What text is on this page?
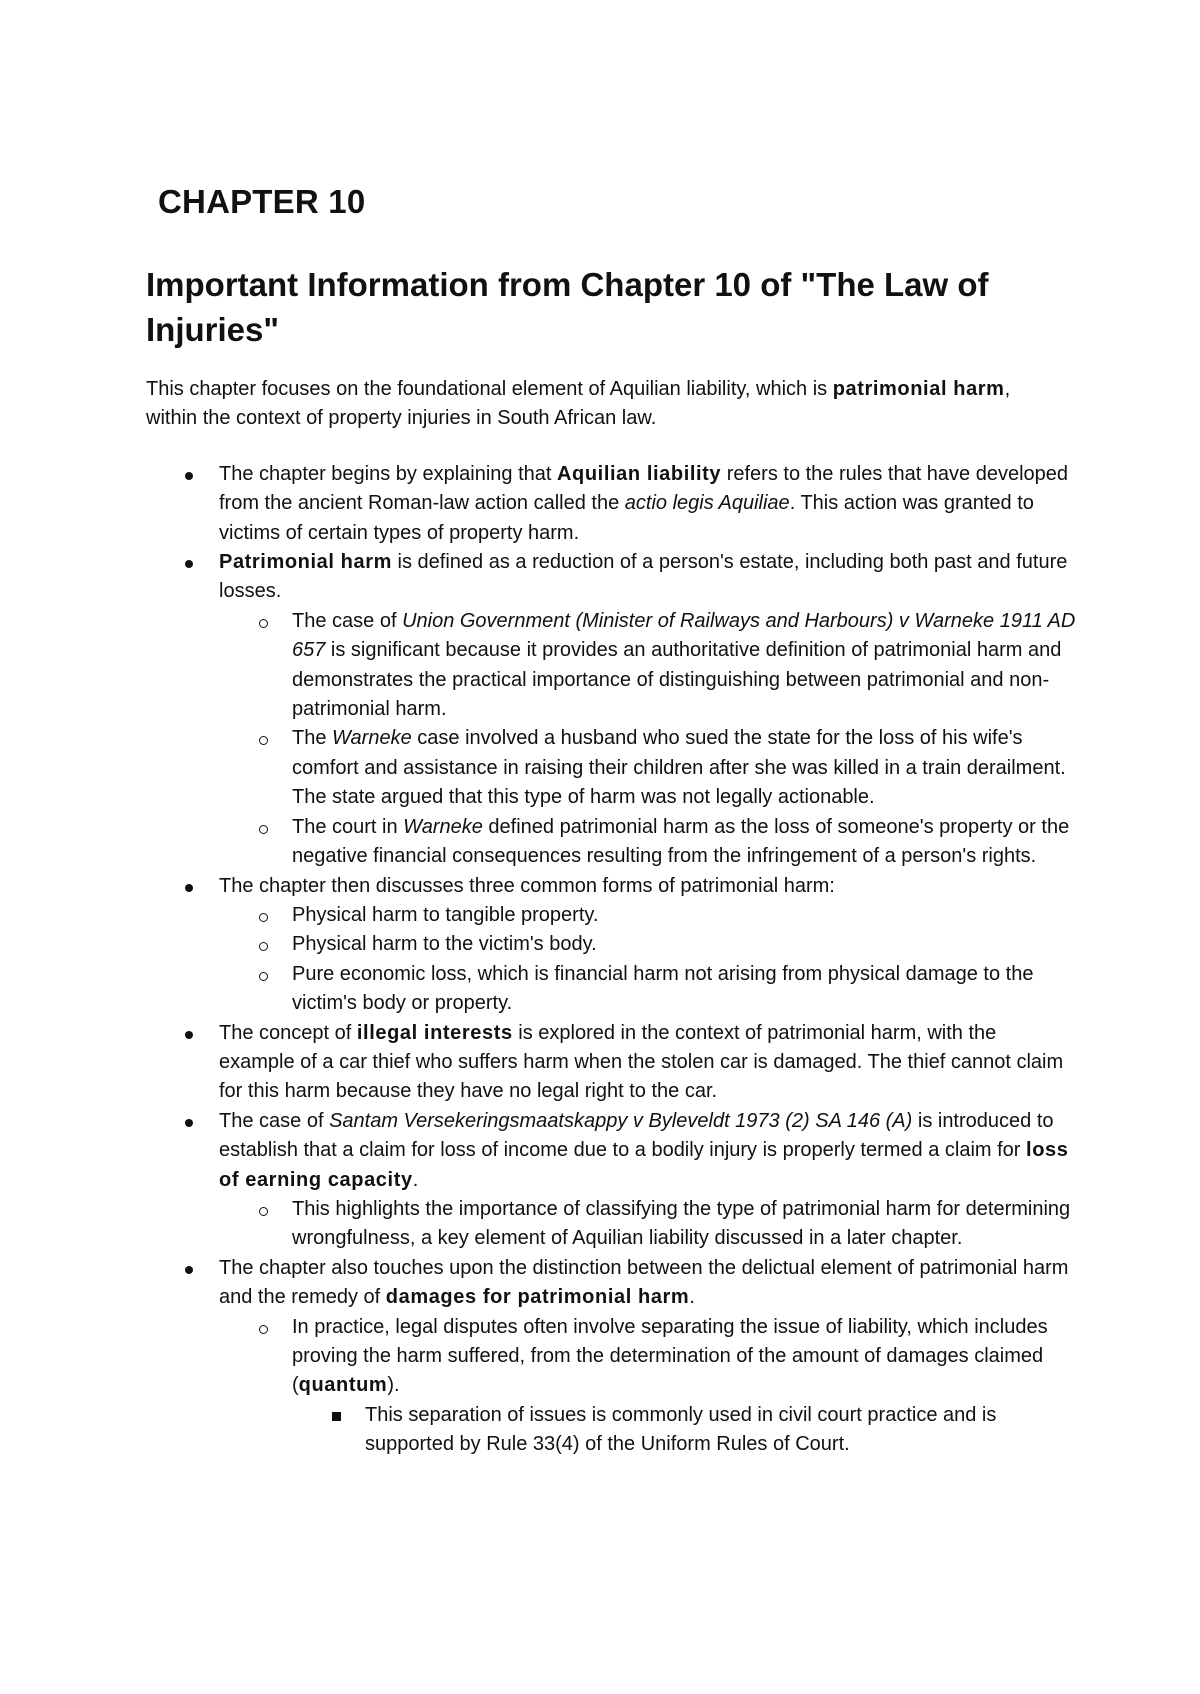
CHAPTER 10
Important Information from Chapter 10 of "The Law of Injuries"

This chapter focuses on the foundational element of Aquilian liability, which is patrimonial harm, within the context of property injuries in South African law.

The chapter begins by explaining that Aquilian liability refers to the rules that have developed from the ancient Roman-law action called the actio legis Aquiliae. This action was granted to victims of certain types of property harm.
Patrimonial harm is defined as a reduction of a person's estate, including both past and future losses.
The case of Union Government (Minister of Railways and Harbours) v Warneke 1911 AD 657 is significant because it provides an authoritative definition of patrimonial harm and demonstrates the practical importance of distinguishing between patrimonial and non-patrimonial harm.
The Warneke case involved a husband who sued the state for the loss of his wife's comfort and assistance in raising their children after she was killed in a train derailment. The state argued that this type of harm was not legally actionable.
The court in Warneke defined patrimonial harm as the loss of someone's property or the negative financial consequences resulting from the infringement of a person's rights.
The chapter then discusses three common forms of patrimonial harm:
Physical harm to tangible property.
Physical harm to the victim's body.
Pure economic loss, which is financial harm not arising from physical damage to the victim's body or property.
The concept of illegal interests is explored in the context of patrimonial harm, with the example of a car thief who suffers harm when the stolen car is damaged. The thief cannot claim for this harm because they have no legal right to the car.
The case of Santam Versekeringsmaatskappy v Byleveldt 1973 (2) SA 146 (A) is introduced to establish that a claim for loss of income due to a bodily injury is properly termed a claim for loss of earning capacity.
This highlights the importance of classifying the type of patrimonial harm for determining wrongfulness, a key element of Aquilian liability discussed in a later chapter.
The chapter also touches upon the distinction between the delictual element of patrimonial harm and the remedy of damages for patrimonial harm.
In practice, legal disputes often involve separating the issue of liability, which includes proving the harm suffered, from the determination of the amount of damages claimed (quantum).
This separation of issues is commonly used in civil court practice and is supported by Rule 33(4) of the Uniform Rules of Court.
